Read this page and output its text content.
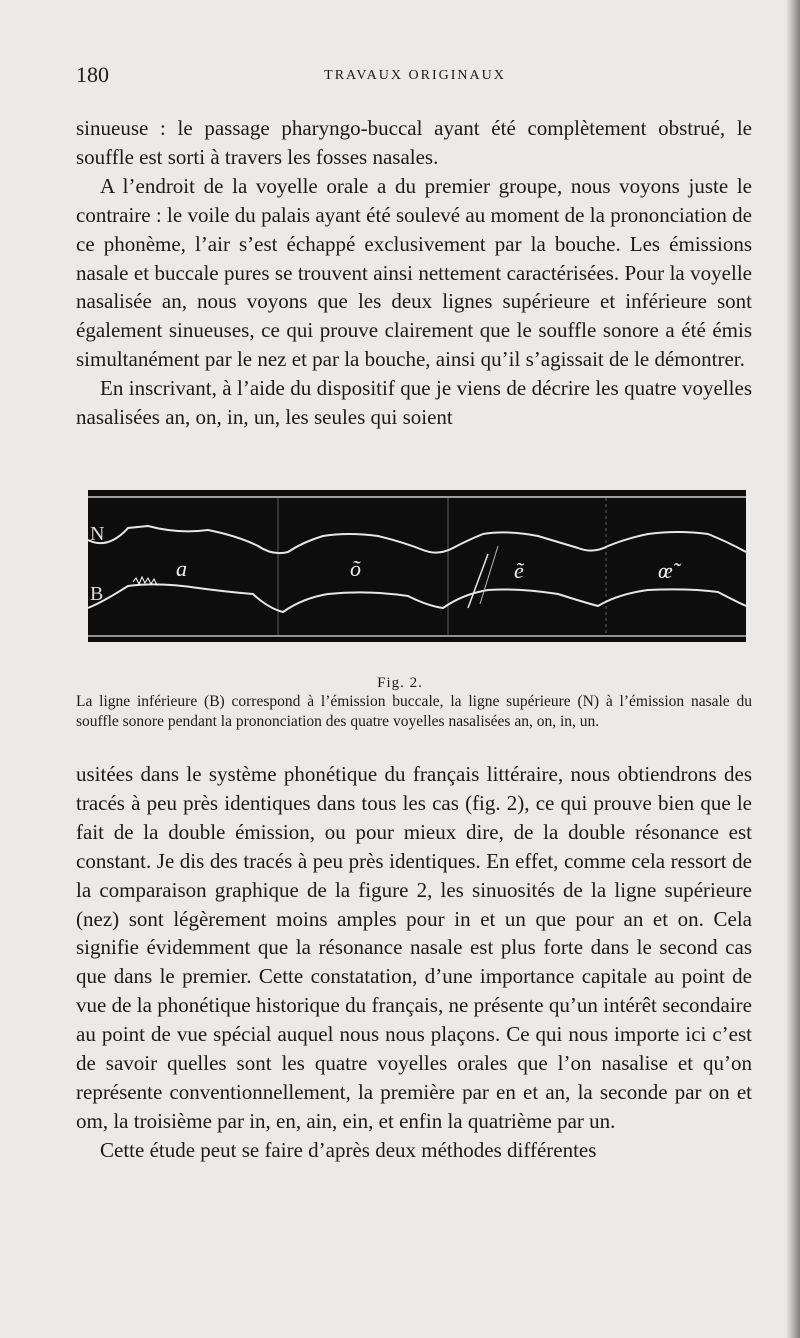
180	TRAVAUX ORIGINAUX

sinueuse : le passage pharyngo-buccal ayant été complètement obstrué, le souffle est sorti à travers les fosses nasales.

A l’endroit de la voyelle orale a du premier groupe, nous voyons juste le contraire : le voile du palais ayant été soulevé au moment de la prononciation de ce phonème, l’air s’est échappé exclusivement par la bouche. Les émissions nasale et buccale pures se trouvent ainsi nettement caractérisées. Pour la voyelle nasalisée an, nous voyons que les deux lignes supérieure et inférieure sont également sinueuses, ce qui prouve clairement que le souffle sonore a été émis simultanément par le nez et par la bouche, ainsi qu’il s’agissait de le démontrer.

En inscrivant, à l’aide du dispositif que je viens de décrire les quatre voyelles nasalisées an, on, in, un, les seules qui soient

N
B
a	õ	ẽ	œ̃
Fig. 2.

La ligne inférieure (B) correspond à l’émission buccale, la ligne supérieure (N) à l’émission nasale du souffle sonore pendant la prononciation des quatre voyelles nasalisées an, on, in, un.

usitées dans le système phonétique du français littéraire, nous obtiendrons des tracés à peu près identiques dans tous les cas (fig. 2), ce qui prouve bien que le fait de la double émission, ou pour mieux dire, de la double résonance est constant. Je dis des tracés à peu près identiques. En effet, comme cela ressort de la comparaison graphique de la figure 2, les sinuosités de la ligne supérieure (nez) sont légèrement moins amples pour in et un que pour an et on. Cela signifie évidemment que la résonance nasale est plus forte dans le second cas que dans le premier. Cette constatation, d’une importance capitale au point de vue de la phonétique historique du français, ne présente qu’un intérêt secondaire au point de vue spécial auquel nous nous plaçons. Ce qui nous importe ici c’est de savoir quelles sont les quatre voyelles orales que l’on nasalise et qu’on représente conventionnellement, la première par en et an, la seconde par on et om, la troisième par in, en, ain, ein, et enfin la quatrième par un.

Cette étude peut se faire d’après deux méthodes différentes
